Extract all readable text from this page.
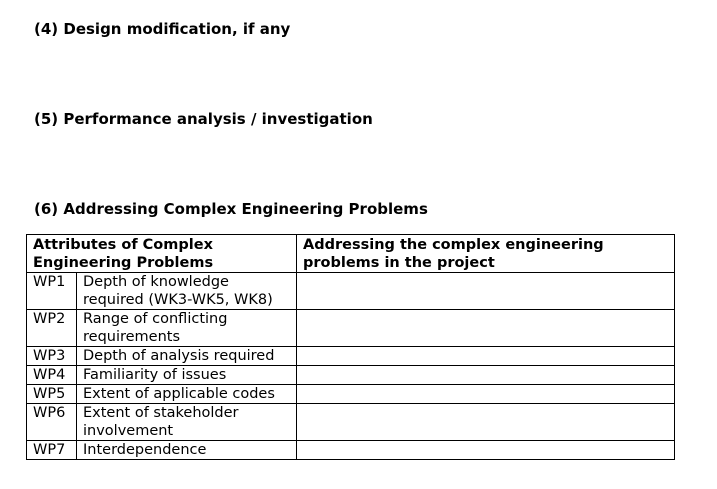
(4) Design modification, if any
(5) Performance analysis / investigation
(6) Addressing Complex Engineering Problems
Attributes of Complex Engineering Problems		Addressing the complex engineering problems in the project
WP1	Depth of knowledge required (WK3-WK5, WK8)	
WP2	Range of conflicting requirements	
WP3	Depth of analysis required	
WP4	Familiarity of issues	
WP5	Extent of applicable codes	
WP6	Extent of stakeholder involvement	
WP7	Interdependence	
